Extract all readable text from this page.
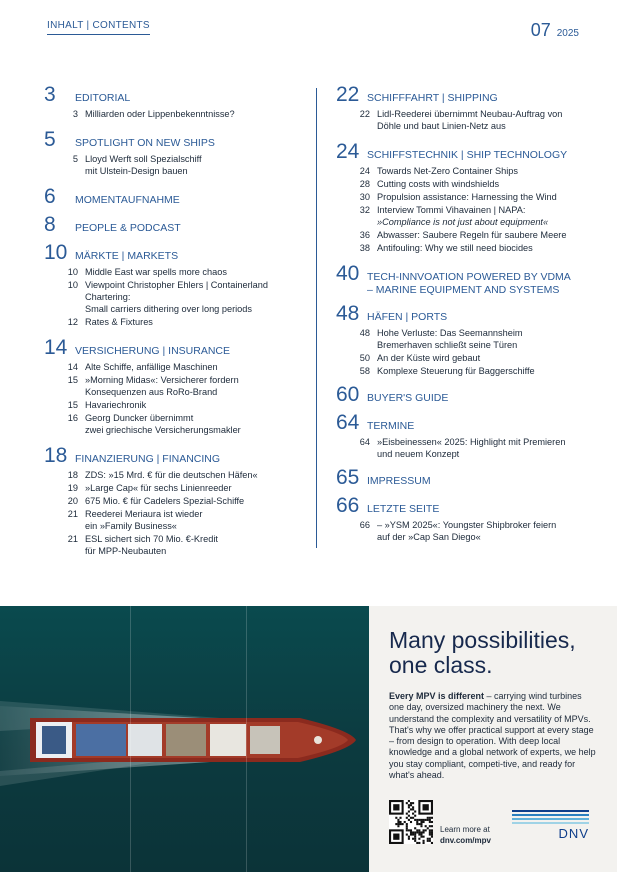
INHALT | CONTENTS	07 2025
3	EDITORIAL
3 Milliarden oder Lippenbekenntnisse?
5	SPOTLIGHT ON NEW SHIPS
5 Lloyd Werft soll Spezialschiff
mit Ulstein-Design bauen
6	MOMENTAUFNAHME
8	PEOPLE & PODCAST
10 MÄRKTE | MARKETS
10 Middle East war spells more chaos
10 Viewpoint Christopher Ehlers | Containerland Chartering:
Small carriers dithering over long periods
12 Rates & Fixtures
14 VERSICHERUNG | INSURANCE
14 Alte Schiffe, anfällige Maschinen
15 »Morning Midas«: Versicherer fordern
Konsequenzen aus RoRo-Brand
15 Havariechronik
16 Georg Duncker übernimmt
zwei griechische Versicherungsmakler
18 FINANZIERUNG | FINANCING
18 ZDS: »15 Mrd. € für die deutschen Häfen«
19 »Large Cap« für sechs Linienreeder
20 675 Mio. € für Cadelers Spezial-Schiffe
21 Reederei Meriaura ist wieder
ein »Family Business«
21 ESL sichert sich 70 Mio. €-Kredit
für MPP-Neubauten
22 SCHIFFFAHRT | SHIPPING
22 Lidl-Reederei übernimmt Neubau-Auftrag von
Döhle und baut Linien-Netz aus
24 SCHIFFSTECHNIK | SHIP TECHNOLOGY
24 Towards Net-Zero Container Ships
28 Cutting costs with windshields
30 Propulsion assistance: Harnessing the Wind
32 Interview Tommi Vihavainen | NAPA:
»Compliance is not just about equipment«
36 Abwasser: Saubere Regeln für saubere Meere
38 Antifouling: Why we still need biocides
40 TECH-INNVOATION POWERED BY VDMA
– MARINE EQUIPMENT AND SYSTEMS
48 HÄFEN | PORTS
48 Hohe Verluste: Das Seemannsheim
Bremerhaven schließt seine Türen
50 An der Küste wird gebaut
58 Komplexe Steuerung für Baggerschiffe
60 BUYER'S GUIDE
64 TERMINE
64 »Eisbeinessen« 2025: Highlight mit Premieren
und neuem Konzept
65 IMPRESSUM
66 LETZTE SEITE
66 – »YSM 2025«: Youngster Shipbroker feiern
auf der »Cap San Diego«
Many possibilities, one class.

Every MPV is different – carrying wind turbines one day, oversized machinery the next. We understand the complexity and versatility of MPVs. That's why we offer practical support at every stage – from design to operation. With deep local knowledge and a global network of experts, we help you stay compliant, competi-tive, and ready for what's ahead.

Learn more at
dnv.com/mpv	DNV
